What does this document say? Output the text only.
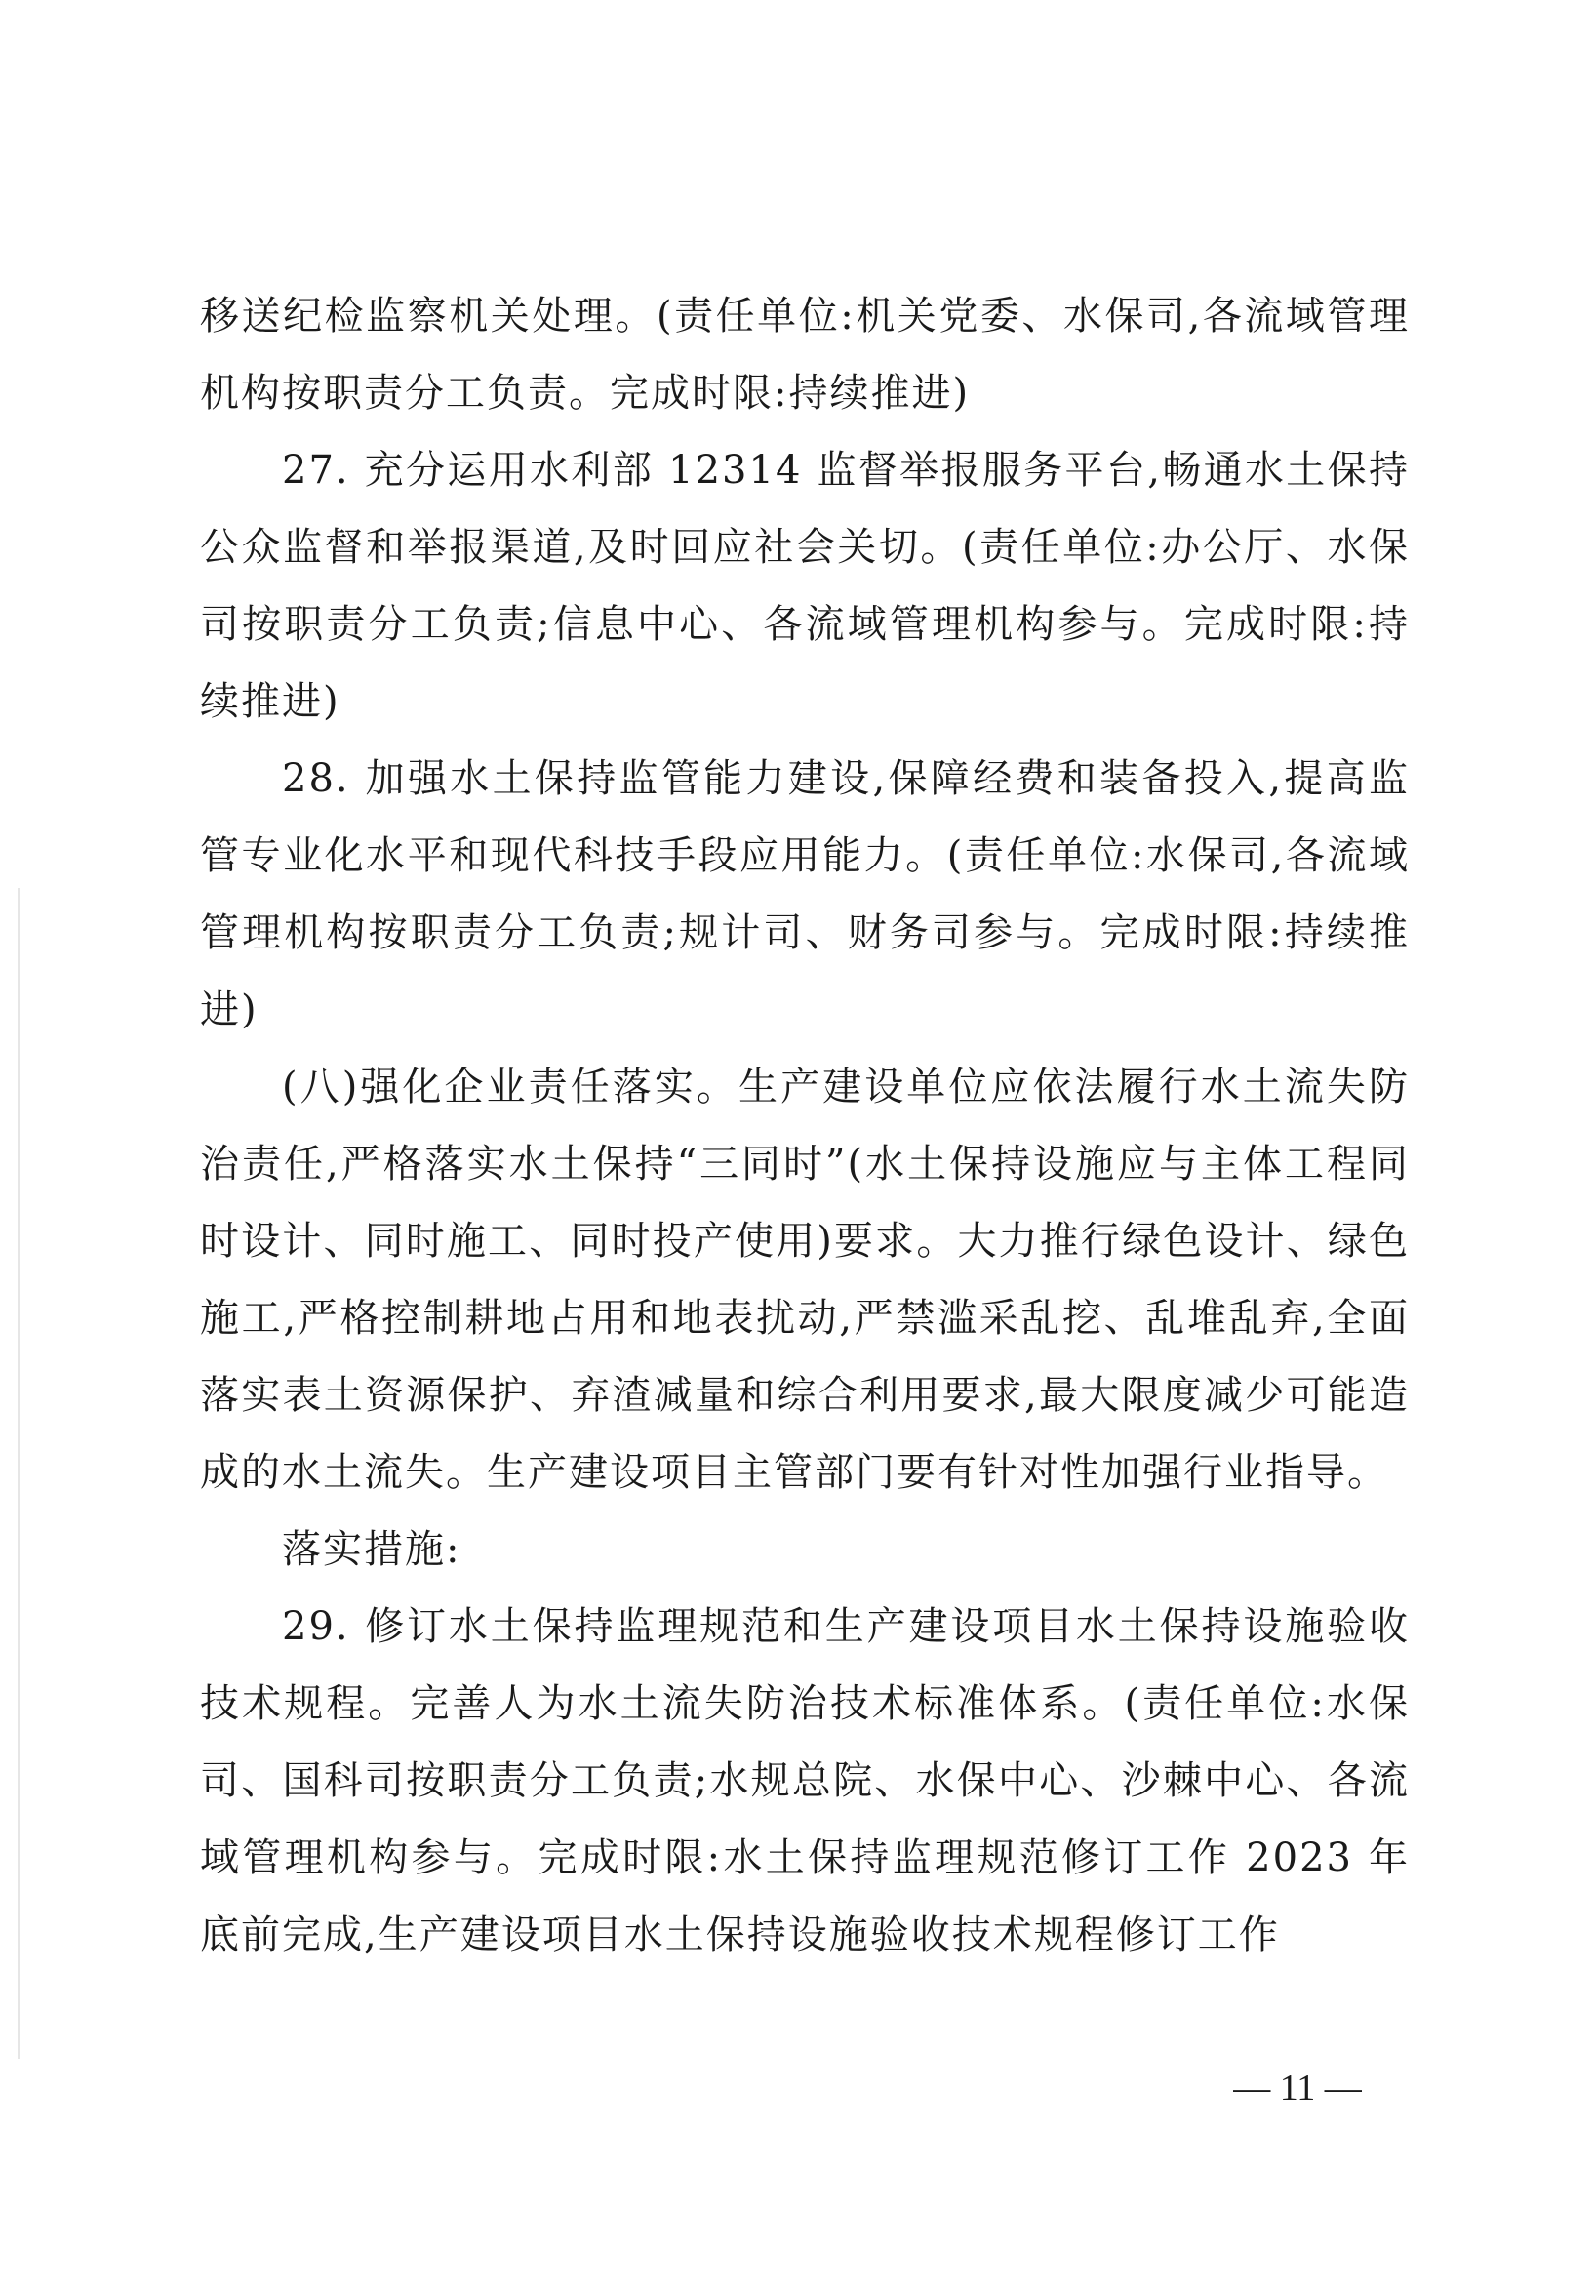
移送纪检监察机关处理。(责任单位:机关党委、水保司,各流域管理机构按职责分工负责。完成时限:持续推进)

27. 充分运用水利部 12314 监督举报服务平台,畅通水土保持公众监督和举报渠道,及时回应社会关切。(责任单位:办公厅、水保司按职责分工负责;信息中心、各流域管理机构参与。完成时限:持续推进)

28. 加强水土保持监管能力建设,保障经费和装备投入,提高监管专业化水平和现代科技手段应用能力。(责任单位:水保司,各流域管理机构按职责分工负责;规计司、财务司参与。完成时限:持续推进)

(八)强化企业责任落实。生产建设单位应依法履行水土流失防治责任,严格落实水土保持“三同时”(水土保持设施应与主体工程同时设计、同时施工、同时投产使用)要求。大力推行绿色设计、绿色施工,严格控制耕地占用和地表扰动,严禁滥采乱挖、乱堆乱弃,全面落实表土资源保护、弃渣减量和综合利用要求,最大限度减少可能造成的水土流失。生产建设项目主管部门要有针对性加强行业指导。

落实措施:

29. 修订水土保持监理规范和生产建设项目水土保持设施验收技术规程。完善人为水土流失防治技术标准体系。(责任单位:水保司、国科司按职责分工负责;水规总院、水保中心、沙棘中心、各流域管理机构参与。完成时限:水土保持监理规范修订工作 2023 年底前完成,生产建设项目水土保持设施验收技术规程修订工作

— 11 —
